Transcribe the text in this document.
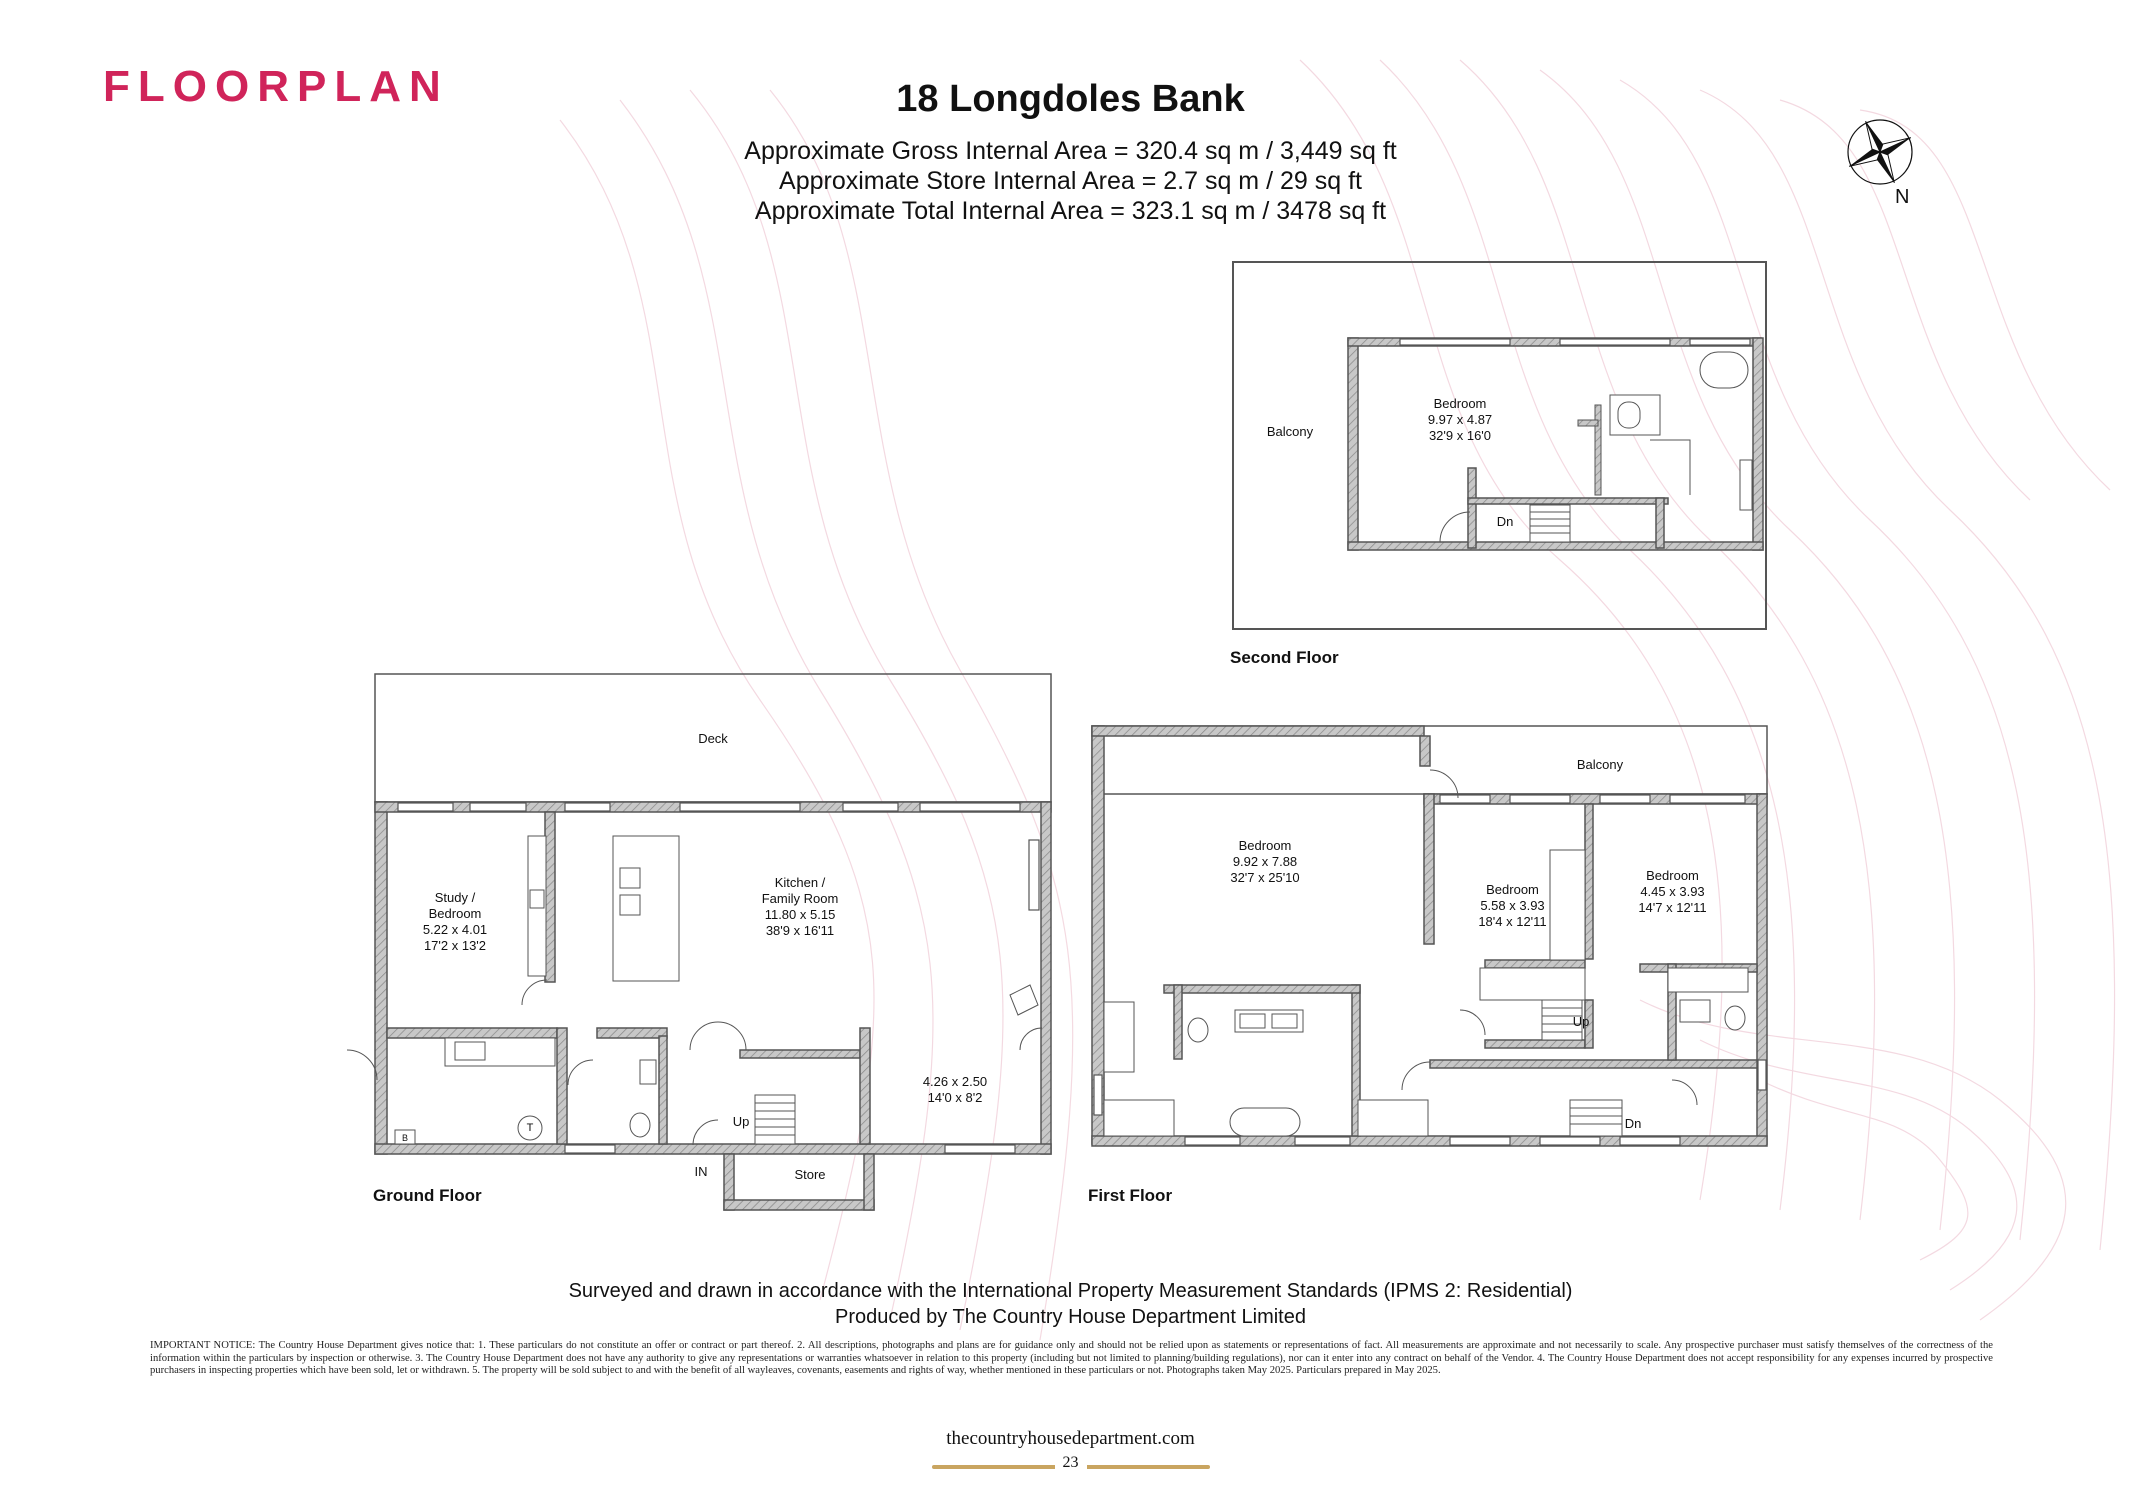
FLOORPLAN	18 Longdoles Bank
Approximate Gross Internal Area = 320.4 sq m / 3,449 sq ft
Approximate Store Internal Area = 2.7 sq m / 29 sq ft
Approximate Total Internal Area = 323.1 sq m / 3478 sq ft	N
Balcony
Bedroom
9.97 x 4.87
32'9 x 16'0
Dn
Second Floor
Deck
Study /
Bedroom
5.22 x 4.01
17'2 x 13'2
Kitchen /
Family Room
11.80 x 5.15
38'9 x 16'11
4.26 x 2.50
14'0 x 8'2
Up
IN	Store
B
T
Ground Floor
Balcony
Bedroom
9.92 x 7.88
32'7 x 25'10
Bedroom
5.58 x 3.93
18'4 x 12'11
Bedroom
4.45 x 3.93
14'7 x 12'11
Up
Dn
First Floor
Surveyed and drawn in accordance with the International Property Measurement Standards (IPMS 2: Residential)
Produced by The Country House Department Limited
IMPORTANT NOTICE: The Country House Department gives notice that: 1. These particulars do not constitute an offer or contract or part thereof. 2. All descriptions, photographs and plans are for guidance only and should not be relied upon as statements or representations of fact. All measurements are approximate and not necessarily to scale. Any prospective purchaser must satisfy themselves of the correctness of the information within the particulars by inspection or otherwise. 3. The Country House Department does not have any authority to give any representations or warranties whatsoever in relation to this property (including but not limited to planning/building regulations), nor can it enter into any contract on behalf of the Vendor. 4. The Country House Department does not accept responsibility for any expenses incurred by prospective purchasers in inspecting properties which have been sold, let or withdrawn. 5. The property will be sold subject to and with the benefit of all wayleaves, covenants, easements and rights of way, whether mentioned in these particulars or not. Photographs taken May 2025. Particulars prepared in May 2025.
thecountryhousedepartment.com
23
